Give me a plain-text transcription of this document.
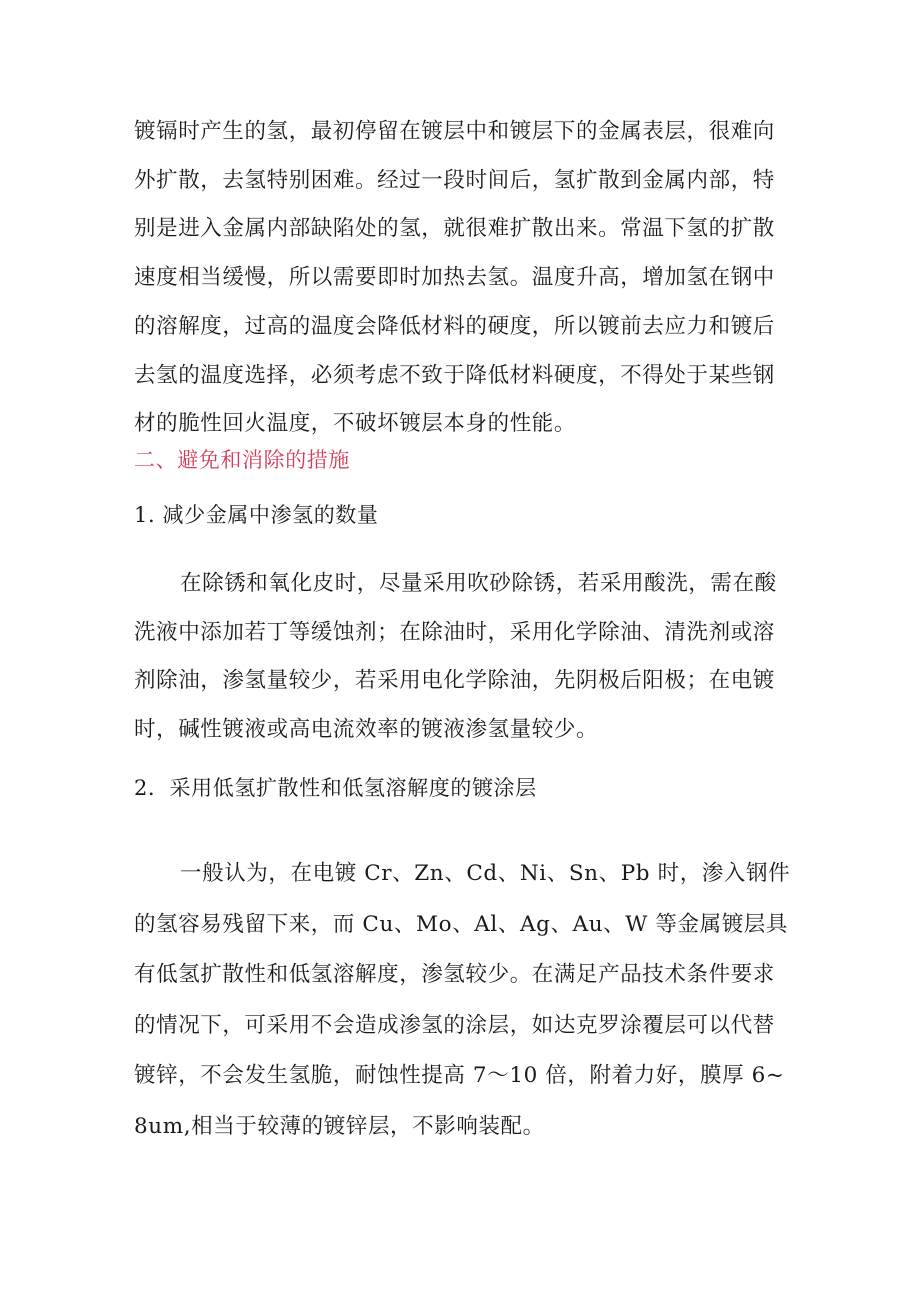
镀镉时产生的氢，最初停留在镀层中和镀层下的金属表层，很难向外扩散，去氢特别困难。经过一段时间后，氢扩散到金属内部，特别是进入金属内部缺陷处的氢，就很难扩散出来。常温下氢的扩散速度相当缓慢，所以需要即时加热去氢。温度升高，增加氢在钢中的溶解度，过高的温度会降低材料的硬度，所以镀前去应力和镀后去氢的温度选择，必须考虑不致于降低材料硬度，不得处于某些钢材的脆性回火温度，不破坏镀层本身的性能。

二、避免和消除的措施
1. 减少金属中渗氢的数量

在除锈和氧化皮时，尽量采用吹砂除锈，若采用酸洗，需在酸洗液中添加若丁等缓蚀剂；在除油时，采用化学除油、清洗剂或溶剂除油，渗氢量较少，若采用电化学除油，先阴极后阳极；在电镀时，碱性镀液或高电流效率的镀液渗氢量较少。

2．采用低氢扩散性和低氢溶解度的镀涂层

一般认为，在电镀 Cr、Zn、Cd、Ni、Sn、Pb 时，渗入钢件的氢容易残留下来，而 Cu、Mo、Al、Ag、Au、W 等金属镀层具有低氢扩散性和低氢溶解度，渗氢较少。在满足产品技术条件要求的情况下，可采用不会造成渗氢的涂层，如达克罗涂覆层可以代替镀锌，不会发生氢脆，耐蚀性提高 7～10 倍，附着力好，膜厚 6~8um,相当于较薄的镀锌层，不影响装配。
